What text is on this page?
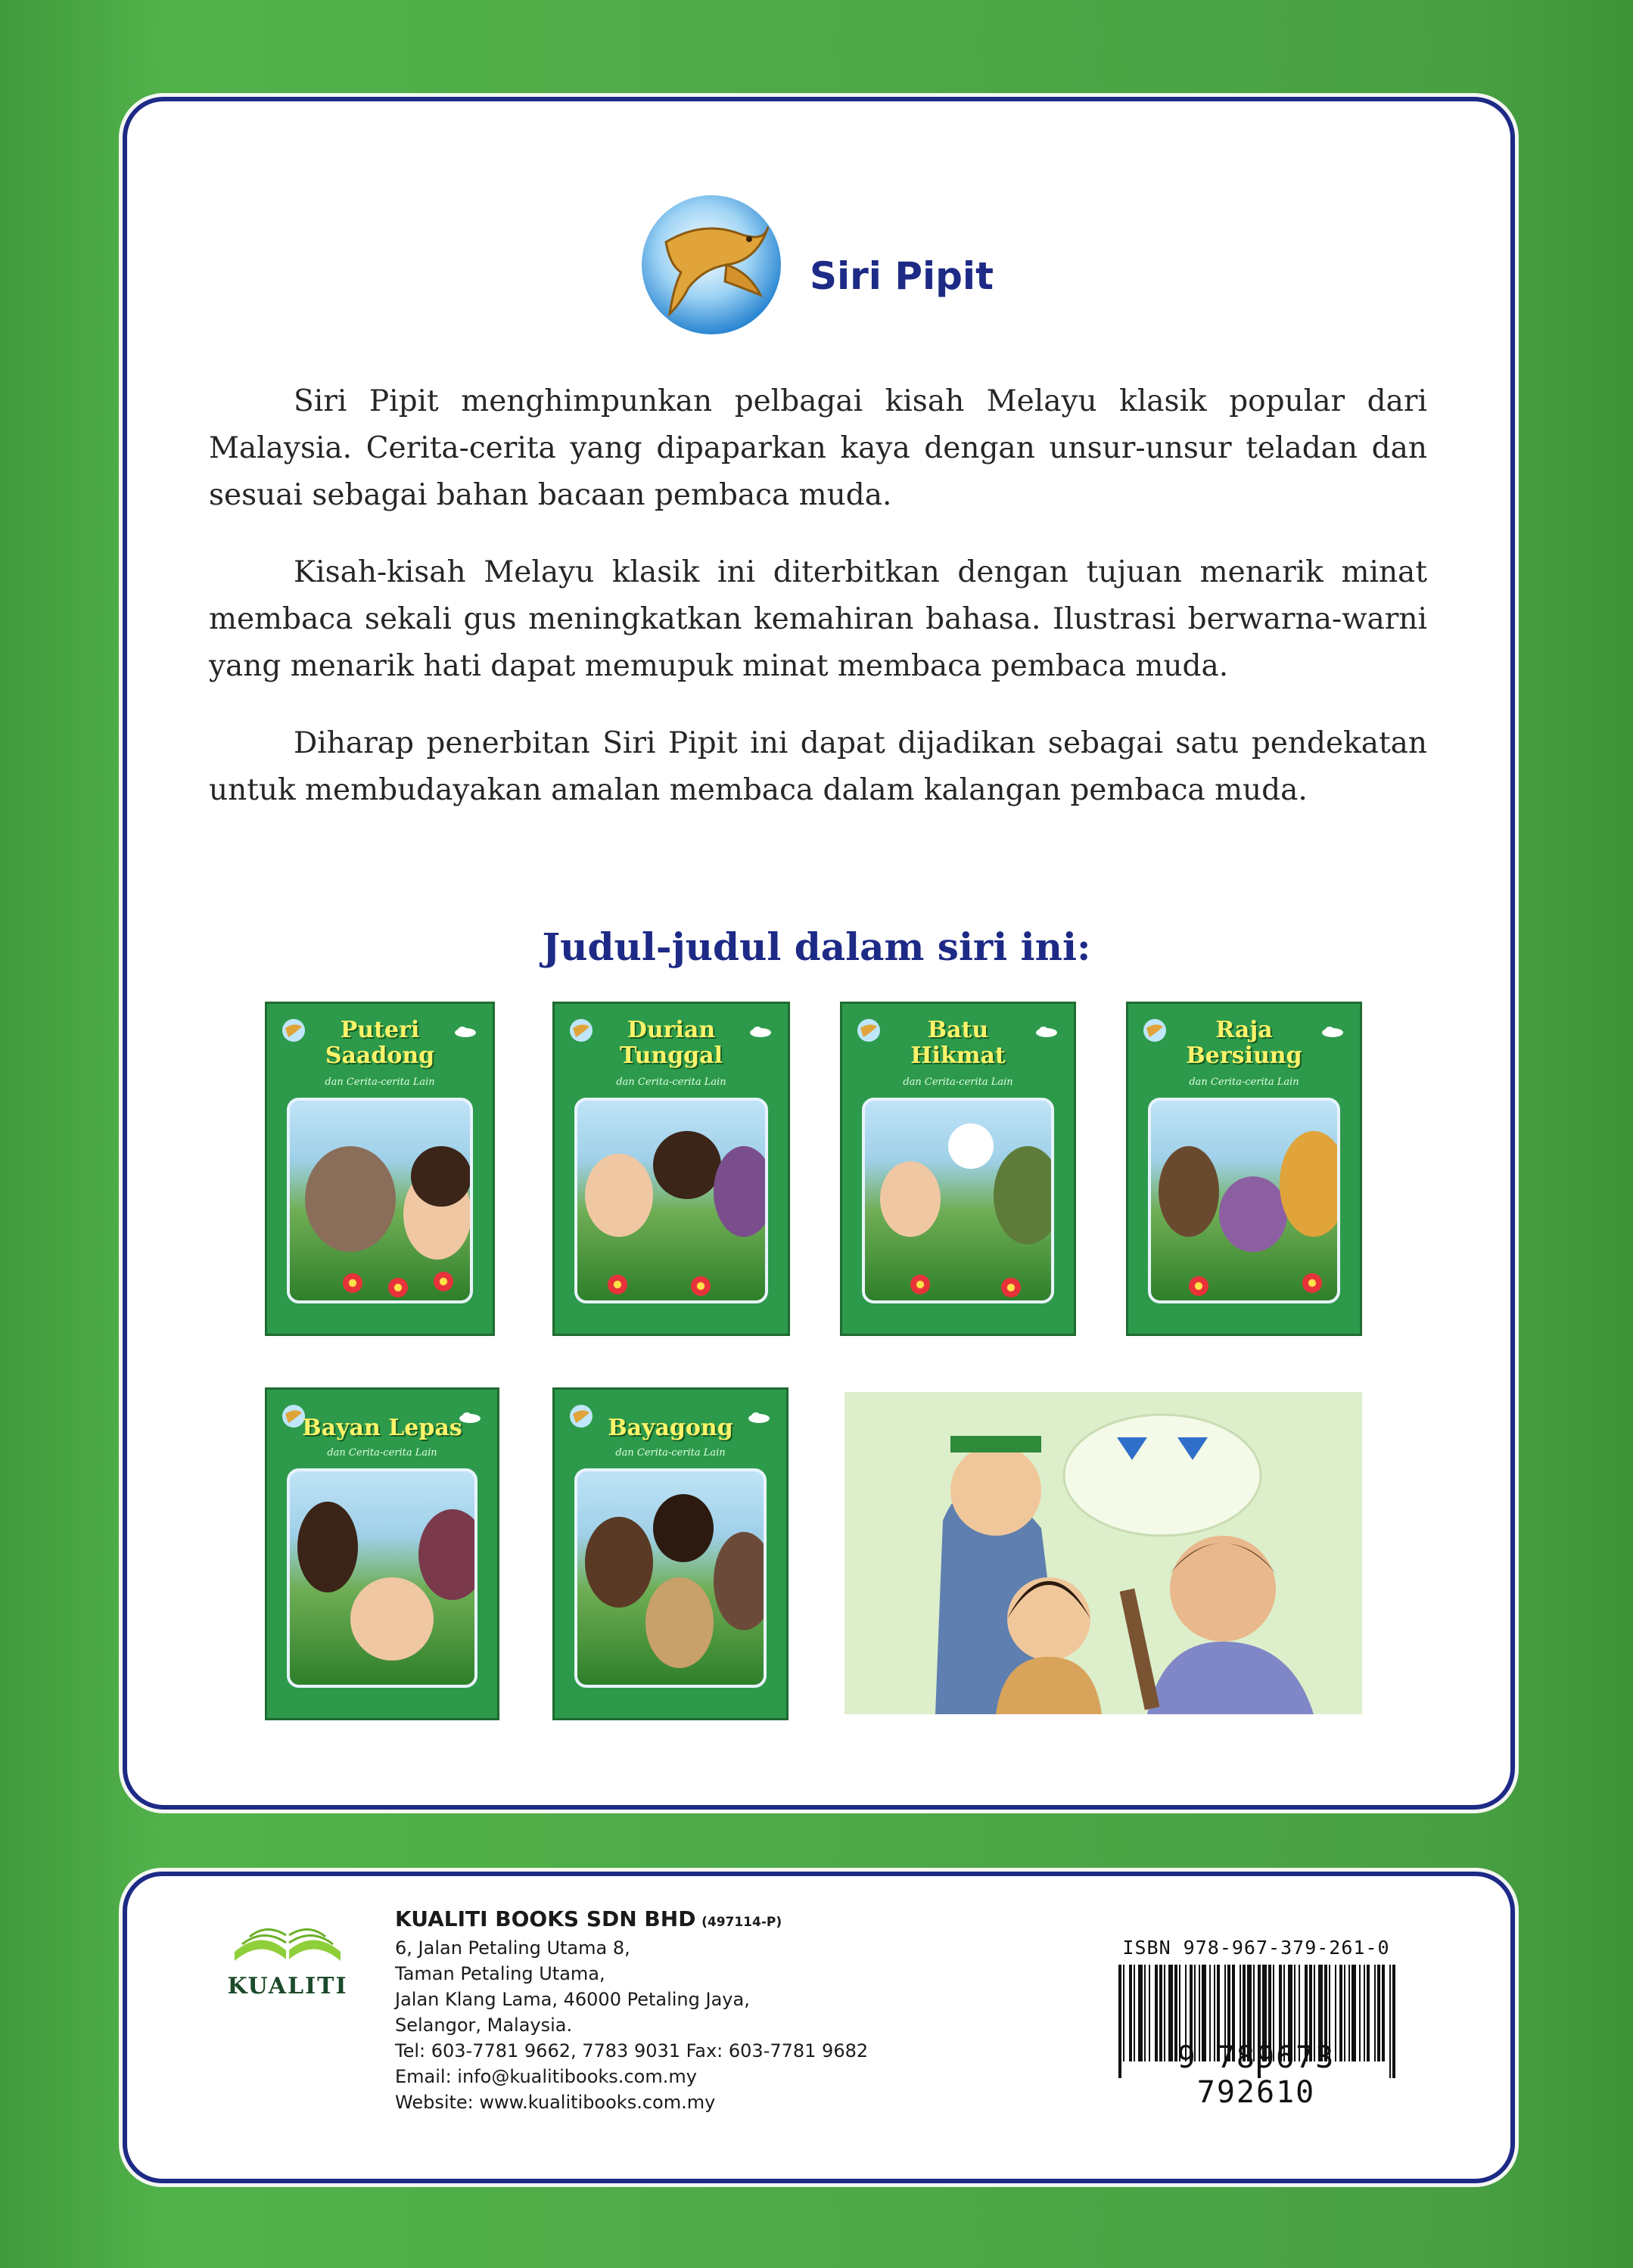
Siri Pipit

Siri Pipit menghimpunkan pelbagai kisah Melayu klasik popular dari Malaysia. Cerita-cerita yang dipaparkan kaya dengan unsur-unsur teladan dan sesuai sebagai bahan bacaan pembaca muda.

Kisah-kisah Melayu klasik ini diterbitkan dengan tujuan menarik minat membaca sekali gus meningkatkan kemahiran bahasa. Ilustrasi berwarna-warni yang menarik hati dapat memupuk minat membaca pembaca muda.

Diharap penerbitan Siri Pipit ini dapat dijadikan sebagai satu pendekatan untuk membudayakan amalan membaca dalam kalangan pembaca muda.

Judul-judul dalam siri ini:
Puteri
Saadong
dan Cerita-cerita Lain
Durian
Tunggal
dan Cerita-cerita Lain
Batu
Hikmat
dan Cerita-cerita Lain
Raja
Bersiung
dan Cerita-cerita Lain
Bayan Lepas
dan Cerita-cerita Lain
Bayagong
dan Cerita-cerita Lain
KUALITI
KUALITI BOOKS SDN BHD (497114-P)
6, Jalan Petaling Utama 8,
Taman Petaling Utama,
Jalan Klang Lama, 46000 Petaling Jaya,
Selangor, Malaysia.
Tel: 603-7781 9662, 7783 9031 Fax: 603-7781 9682
Email: info@kualitibooks.com.my
Website: www.kualitibooks.com.my
ISBN 978-967-379-261-0
9 789673 792610
